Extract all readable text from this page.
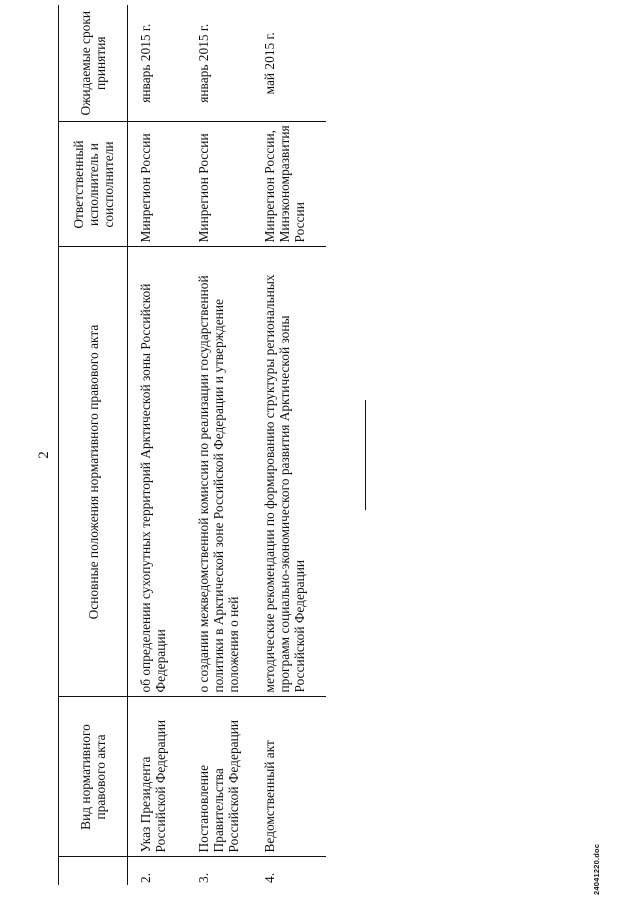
2
	Вид нормативного правового акта	Основные положения нормативного правового акта	Ответственный исполнитель и соисполнители	Ожидаемые сроки принятия
2.	Указ Президента Российской Федерации	об определении сухопутных территорий Арктической зоны Российской Федерации	Минрегион России	январь 2015 г.
3.	Постановление Правительства Российской Федерации	о создании межведомственной комиссии по реализации государственной политики в Арктической зоне Российской Федерации и утверждение положения о ней	Минрегион России	январь 2015 г.
4.	Ведомственный акт	методические рекомендации по формированию структуры региональных программ социально-экономического развития Арктической зоны Российской Федерации	Минрегион России, Минэкономразвития России	май 2015 г.
24041220.doc
